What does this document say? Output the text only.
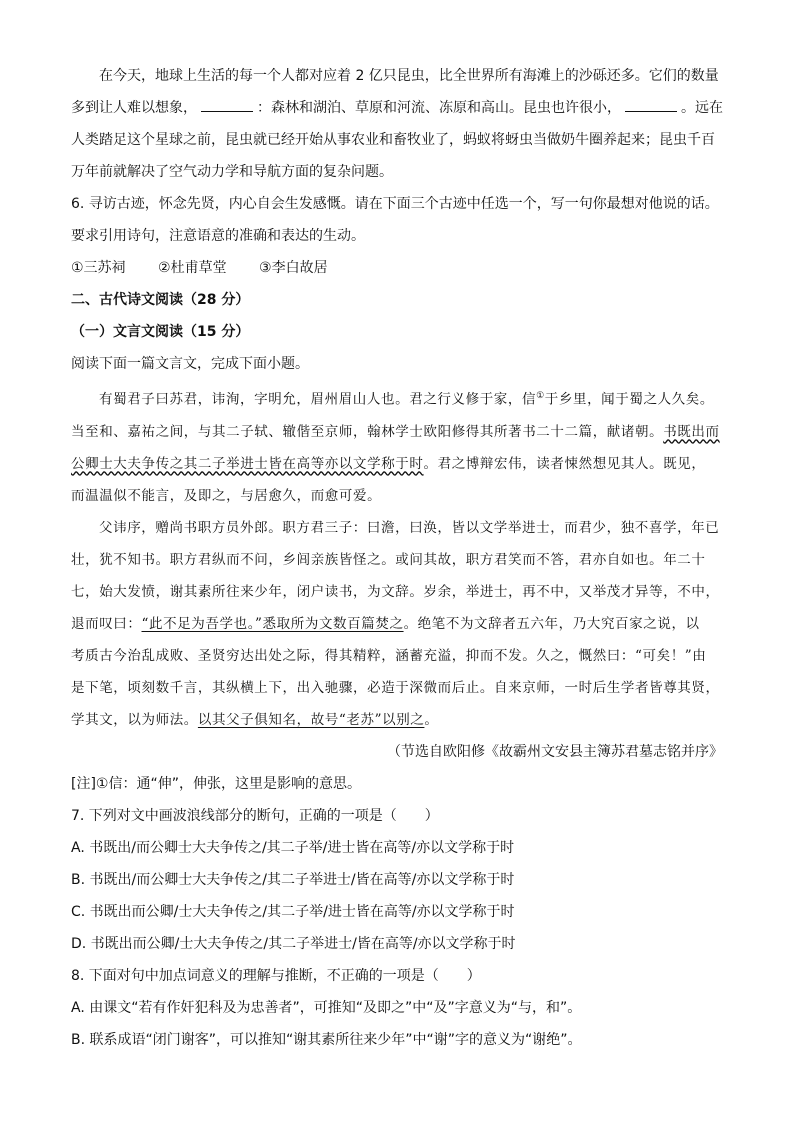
在今天，地球上生活的每一个人都对应着 2 亿只昆虫，比全世界所有海滩上的沙砾还多。它们的数量

多到让人难以想象，	：森林和湖泊、草原和河流、冻原和高山。昆虫也许很小，	。远在

人类踏足这个星球之前，昆虫就已经开始从事农业和畜牧业了，蚂蚁将蚜虫当做奶牛圈养起来；昆虫千百

万年前就解决了空气动力学和导航方面的复杂问题。

6. 寻访古迹，怀念先贤，内心自会生发感慨。请在下面三个古迹中任选一个，写一句你最想对他说的话。

要求引用诗句，注意语意的准确和表达的生动。

①三苏祠 ②杜甫草堂 ③李白故居

二、古代诗文阅读（28 分）

（一）文言文阅读（15 分）

阅读下面一篇文言文，完成下面小题。

有蜀君子曰苏君，讳洵，字明允，眉州眉山人也。君之行义修于家，信①于乡里，闻于蜀之人久矣。

当至和、嘉祐之间，与其二子轼、辙偕至京师，翰林学士欧阳修得其所著书二十二篇，献诸朝。书既出而

公卿士大夫争传之其二子举进士皆在高等亦以文学称于时。君之博辩宏伟，读者悚然想见其人。既见，

而温温似不能言，及即之，与居愈久，而愈可爱。

父讳序，赠尚书职方员外郎。职方君三子：曰澹，曰涣，皆以文学举进士，而君少，独不喜学，年已

壮，犹不知书。职方君纵而不问，乡闾亲族皆怪之。或问其故，职方君笑而不答，君亦自如也。年二十

七，始大发愤，谢其素所往来少年，闭户读书，为文辞。岁余，举进士，再不中，又举茂才异等，不中，

退而叹曰：“此不足为吾学也。”悉取所为文数百篇焚之。绝笔不为文辞者五六年，乃大究百家之说，以

考质古今治乱成败、圣贤穷达出处之际，得其精粹，涵蓄充溢，抑而不发。久之，慨然曰：“可矣！”由

是下笔，顷刻数千言，其纵横上下，出入驰骤，必造于深微而后止。自来京师，一时后生学者皆尊其贤，

学其文，以为师法。以其父子俱知名，故号“老苏”以别之。

（节选自欧阳修《故霸州文安县主簿苏君墓志铭并序》

[注]①信：通“伸”，伸张，这里是影响的意思。

7. 下列对文中画波浪线部分的断句，正确的一项是（　　）

A. 书既出/而公卿士大夫争传之/其二子举/进士皆在高等/亦以文学称于时

B. 书既出/而公卿士大夫争传之/其二子举进士/皆在高等/亦以文学称于时

C. 书既出而公卿/士大夫争传之/其二子举/进士皆在高等/亦以文学称于时

D. 书既出而公卿/士大夫争传之/其二子举进士/皆在高等/亦以文学称于时

8. 下面对句中加点词意义的理解与推断，不正确的一项是（　　）

A. 由课文“若有作奸犯科及为忠善者”，可推知“及即之”中“及”字意义为“与，和”。

B. 联系成语“闭门谢客”，可以推知“谢其素所往来少年”中“谢”字的意义为“谢绝”。
